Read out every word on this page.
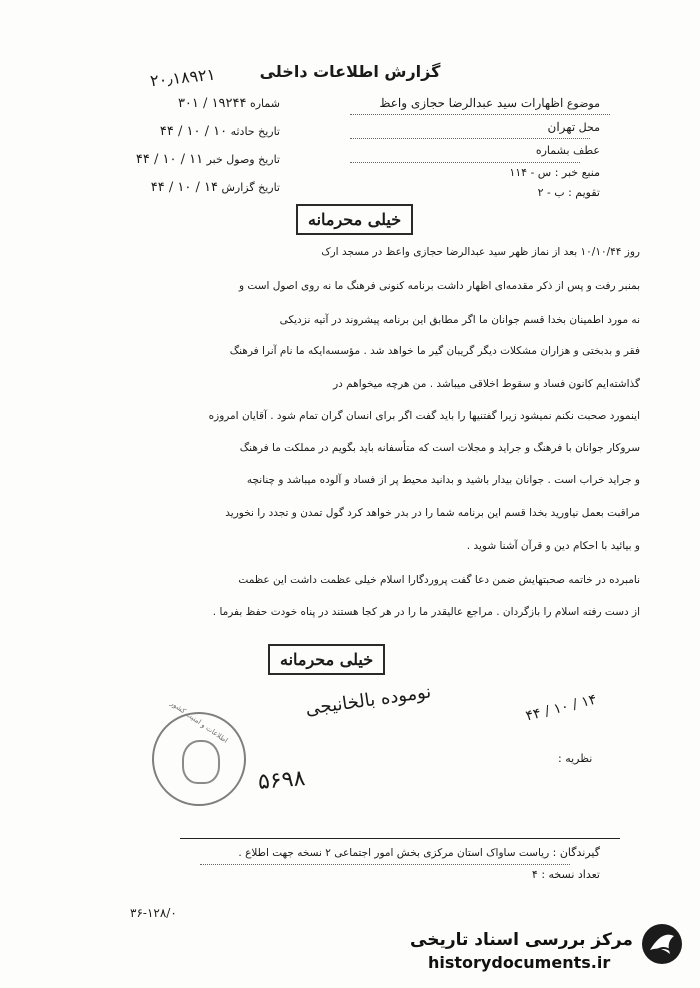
۲۰٫۱۸۹۲۱	گزارش اطلاعات داخلی
موضوع اظهارات سید عبدالرضا حجازی واعظ
محل تهران
عطف بشماره
منبع خبر : س - ۱۱۴
تقویم : ب - ۲
شماره ۱۹۲۴۴ / ۳۰۱
تاریخ حادثه ۱۰ / ۱۰ / ۴۴
تاریخ وصول خبر ۱۱ / ۱۰ / ۴۴
تاریخ گزارش ۱۴ / ۱۰ / ۴۴
خیلی محرمانه
روز ۱۰/۱۰/۴۴ بعد از نماز ظهر سید عبدالرضا حجازی واعظ در مسجد ارک
بمنبر رفت و پس از ذکر مقدمه‌ای اظهار داشت برنامه کنونی فرهنگ ما نه روی اصول است و
نه مورد اطمینان بخدا قسم جوانان ما اگر مطابق این برنامه پیشروند در آتیه نزدیکی
فقر و بدبختی و هزاران مشکلات دیگر گریبان گیر ما خواهد شد . مؤسسه‌ایکه ما نام آنرا فرهنگ
گذاشته‌ایم کانون فساد و سقوط اخلاقی میباشد . من هرچه میخواهم در
اینمورد صحبت نکنم نمیشود زیرا گفتنیها را باید گفت اگر برای انسان گران تمام شود . آقایان امروزه
سروکار جوانان با فرهنگ و جراید و مجلات است که متأسفانه باید بگویم در مملکت ما فرهنگ
و جراید خراب است . جوانان بیدار باشید و بدانید محیط پر از فساد و آلوده میباشد و چنانچه
مراقبت بعمل نیاورید بخدا قسم این برنامه شما را در بدر خواهد کرد گول تمدن و تجدد را نخورید
و بیائید با احکام دین و قرآن آشنا شوید .
نامبرده در خاتمه صحبتهایش ضمن دعا گفت پروردگارا اسلام خیلی عظمت داشت این عظمت
از دست رفته اسلام را بازگردان . مراجع عالیقدر ما را در هر کجا هستند در پناه خودت حفظ بفرما .
خیلی محرمانه
اطلاعات و امنیت کشور	نوموده بالخانیجی	۱۴ / ۱۰ / ۴۴
نظریه :
۵۶۹۸
گیرندگان : ریاست ساواک استان مرکزی بخش امور اجتماعی ۲ نسخه جهت اطلاع .
تعداد نسخه : ۴
۳۶-۱۲۸/۰
مرکز بررسی اسناد تاریخی
historydocuments.ir
